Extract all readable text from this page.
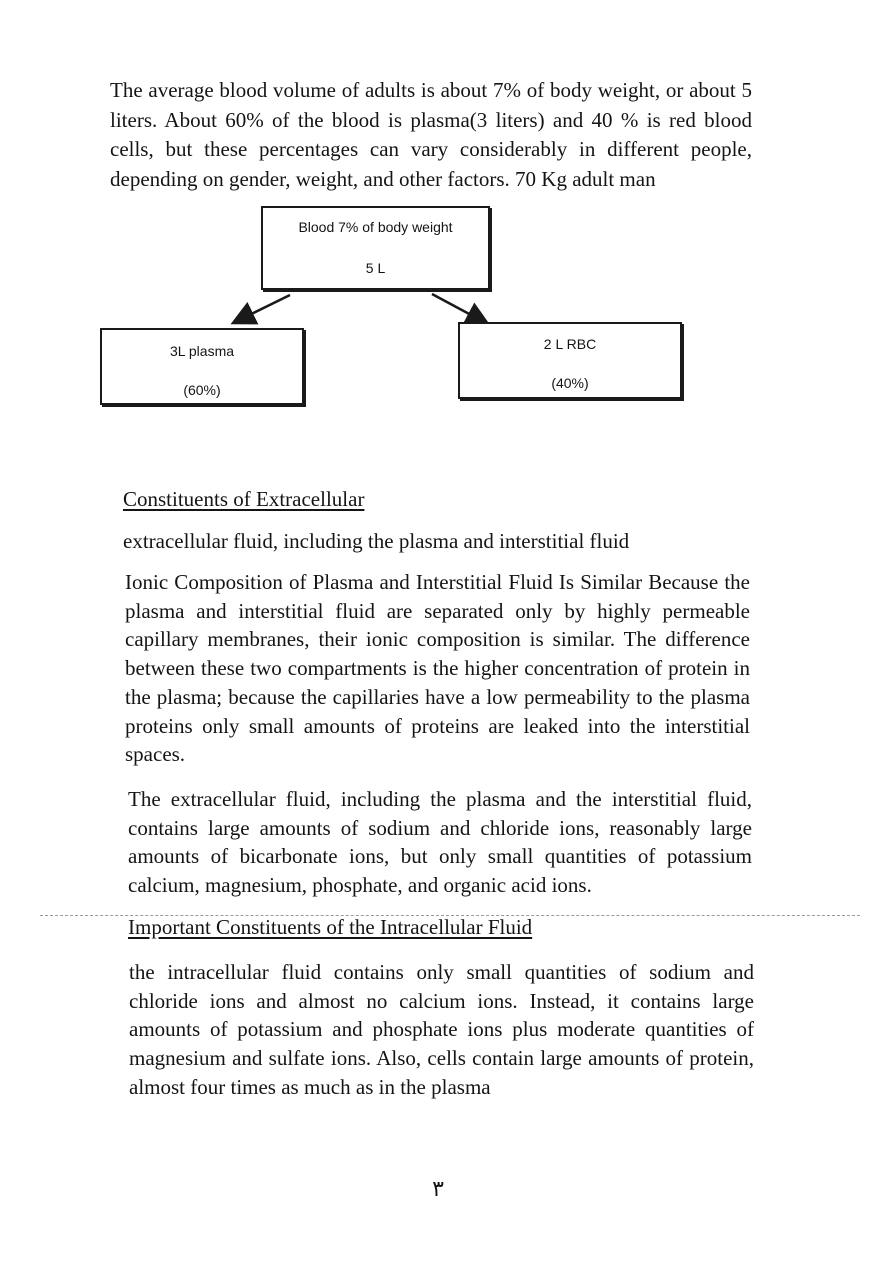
The average blood volume of adults is about 7% of body weight, or about 5 liters. About 60% of the blood is plasma(3 liters) and 40 % is red blood cells, but these percentages can vary considerably in different people, depending on gender, weight, and other factors. 70 Kg adult man

Blood 7% of body weight
5 L
3L plasma
(60%)
2 L RBC
(40%)
Constituents of Extracellular

extracellular fluid, including the plasma and interstitial fluid

Ionic Composition of Plasma and Interstitial Fluid Is Similar Because the plasma and interstitial fluid are separated only by highly permeable capillary membranes, their ionic composition is similar. The difference between these two compartments is the higher concentration of protein in the plasma; because the capillaries have a low permeability to the plasma proteins only small amounts of proteins are leaked into the interstitial spaces.

The extracellular fluid, including the plasma and the interstitial fluid, contains large amounts of sodium and chloride ions, reasonably large amounts of bicarbonate ions, but only small quantities of potassium calcium, magnesium, phosphate, and organic acid ions.

Important Constituents of the Intracellular Fluid

the intracellular fluid contains only small quantities of sodium and chloride ions and almost no calcium ions. Instead, it contains large amounts of potassium and phosphate ions plus moderate quantities of magnesium and sulfate ions. Also, cells contain large amounts of protein, almost four times as much as in the plasma

٣
